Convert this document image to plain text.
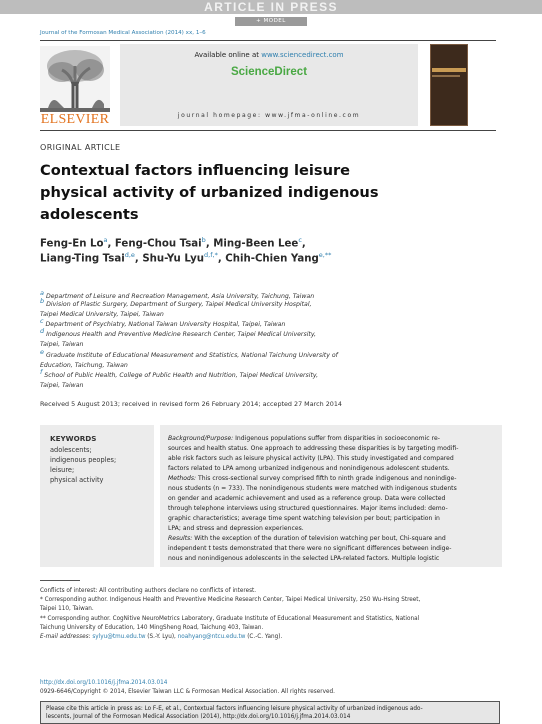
ARTICLE IN PRESS
+ MODEL
Journal of the Formosan Medical Association (2014) xx, 1–6
ELSEVIER
Available online at www.sciencedirect.com
ScienceDirect
journal homepage: www.jfma-online.com
ORIGINAL ARTICLE
Contextual factors influencing leisure
physical activity of urbanized indigenous
adolescents
Feng-En Lo$^a$, Feng-Chou Tsai$^b$, Ming-Been Lee$^c$,
Liang-Ting Tsai$^{d,e}$, Shu-Yu Lyu$^{d,f,*}$, Chih-Chien Yang$^{e,**}$
$^a$ Department of Leisure and Recreation Management, Asia University, Taichung, Taiwan
$^b$ Division of Plastic Surgery, Department of Surgery, Taipei Medical University Hospital,
Taipei Medical University, Taipei, Taiwan
$^c$ Department of Psychiatry, National Taiwan University Hospital, Taipei, Taiwan
$^d$ Indigenous Health and Preventive Medicine Research Center, Taipei Medical University,
Taipei, Taiwan
$^e$ Graduate Institute of Educational Measurement and Statistics, National Taichung University of
Education, Taichung, Taiwan
$^f$ School of Public Health, College of Public Health and Nutrition, Taipei Medical University,
Taipei, Taiwan
Received 5 August 2013; received in revised form 26 February 2014; accepted 27 March 2014
KEYWORDS
adolescents;
indigenous peoples;
leisure;
physical activity
Background/Purpose: Indigenous populations suffer from disparities in socioeconomic re-
sources and health status. One approach to addressing these disparities is by targeting modifi-
able risk factors such as leisure physical activity (LPA). This study investigated and compared
factors related to LPA among urbanized indigenous and nonindigenous adolescent students.
Methods: This cross-sectional survey comprised fifth to ninth grade indigenous and nonindige-
nous students (n = 733). The nonindigenous students were matched with indigenous students
on gender and academic achievement and used as a reference group. Data were collected
through telephone interviews using structured questionnaires. Major items included: demo-
graphic characteristics; average time spent watching television per bout; participation in
LPA; and stress and depression experiences.
Results: With the exception of the duration of television watching per bout, Chi-square and
independent t tests demonstrated that there were no significant differences between indige-
nous and nonindigenous adolescents in the selected LPA-related factors. Multiple logistic
Conflicts of interest: All contributing authors declare no conflicts of interest.
* Corresponding author. Indigenous Health and Preventive Medicine Research Center, Taipei Medical University, 250 Wu-Hsing Street,
Taipei 110, Taiwan.
** Corresponding author. CogNitive NeuroMetrics Laboratory, Graduate Institute of Educational Measurement and Statistics, National
Taichung University of Education, 140 MingSheng Road, Taichung 403, Taiwan.
E-mail addresses: sylyu@tmu.edu.tw (S.-Y. Lyu), noahyang@ntcu.edu.tw (C.-C. Yang).
http://dx.doi.org/10.1016/j.jfma.2014.03.014
0929-6646/Copyright © 2014, Elsevier Taiwan LLC & Formosan Medical Association. All rights reserved.
Please cite this article in press as: Lo F-E, et al., Contextual factors influencing leisure physical activity of urbanized indigenous ado-
lescents, Journal of the Formosan Medical Association (2014), http://dx.doi.org/10.1016/j.jfma.2014.03.014
